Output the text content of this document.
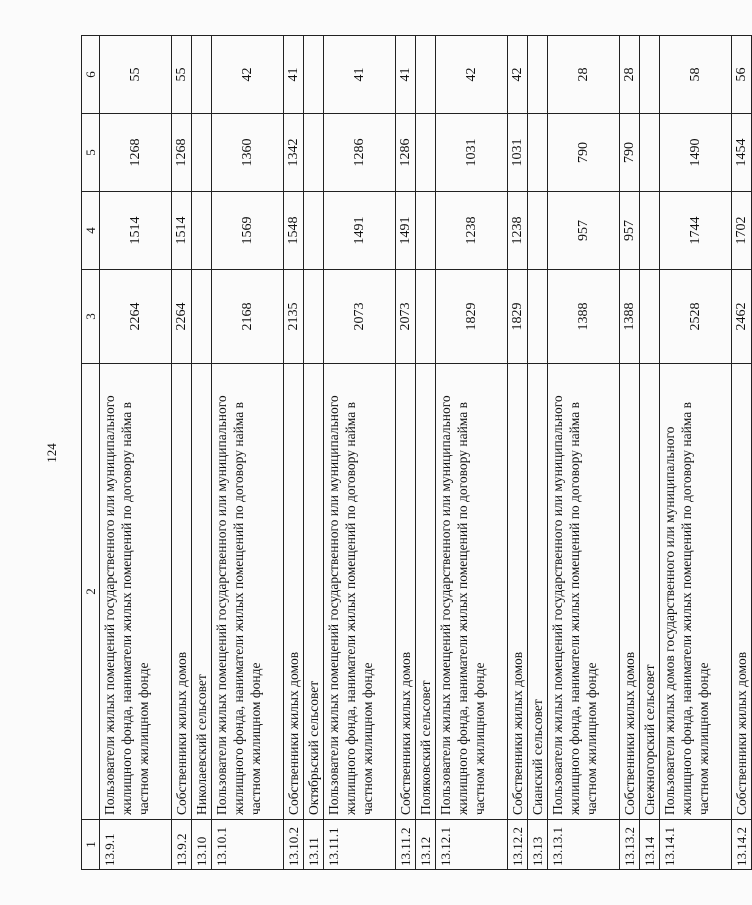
124
1	2	3	4	5	6
13.9.1	Пользователи жилых помещений государственного или муниципального жилищного фонда, наниматели жилых помещений по договору найма в частном жилищном фонде	2264	1514	1268	55
13.9.2	Собственники жилых домов	2264	1514	1268	55
13.10	Николаевский сельсовет				
13.10.1	Пользователи жилых помещений государственного или муниципального жилищного фонда, наниматели жилых помещений по договору найма в частном жилищном фонде	2168	1569	1360	42
13.10.2	Собственники жилых домов	2135	1548	1342	41
13.11	Октябрьский сельсовет				
13.11.1	Пользователи жилых помещений государственного или муниципального жилищного фонда, наниматели жилых помещений по договору найма в частном жилищном фонде	2073	1491	1286	41
13.11.2	Собственники жилых домов	2073	1491	1286	41
13.12	Поляковский сельсовет				
13.12.1	Пользователи жилых помещений государственного или муниципального жилищного фонда, наниматели жилых помещений по договору найма в частном жилищном фонде	1829	1238	1031	42
13.12.2	Собственники жилых домов	1829	1238	1031	42
13.13	Сианский сельсовет				
13.13.1	Пользователи жилых помещений государственного или муниципального жилищного фонда, наниматели жилых помещений по договору найма в частном жилищном фонде	1388	957	790	28
13.13.2	Собственники жилых домов	1388	957	790	28
13.14	Снежногорский сельсовет				
13.14.1	Пользователи жилых домов государственного или муниципального жилищного фонда, наниматели жилых помещений по договору найма в частном жилищном фонде	2528	1744	1490	58
13.14.2	Собственники жилых домов	2462	1702	1454	56
